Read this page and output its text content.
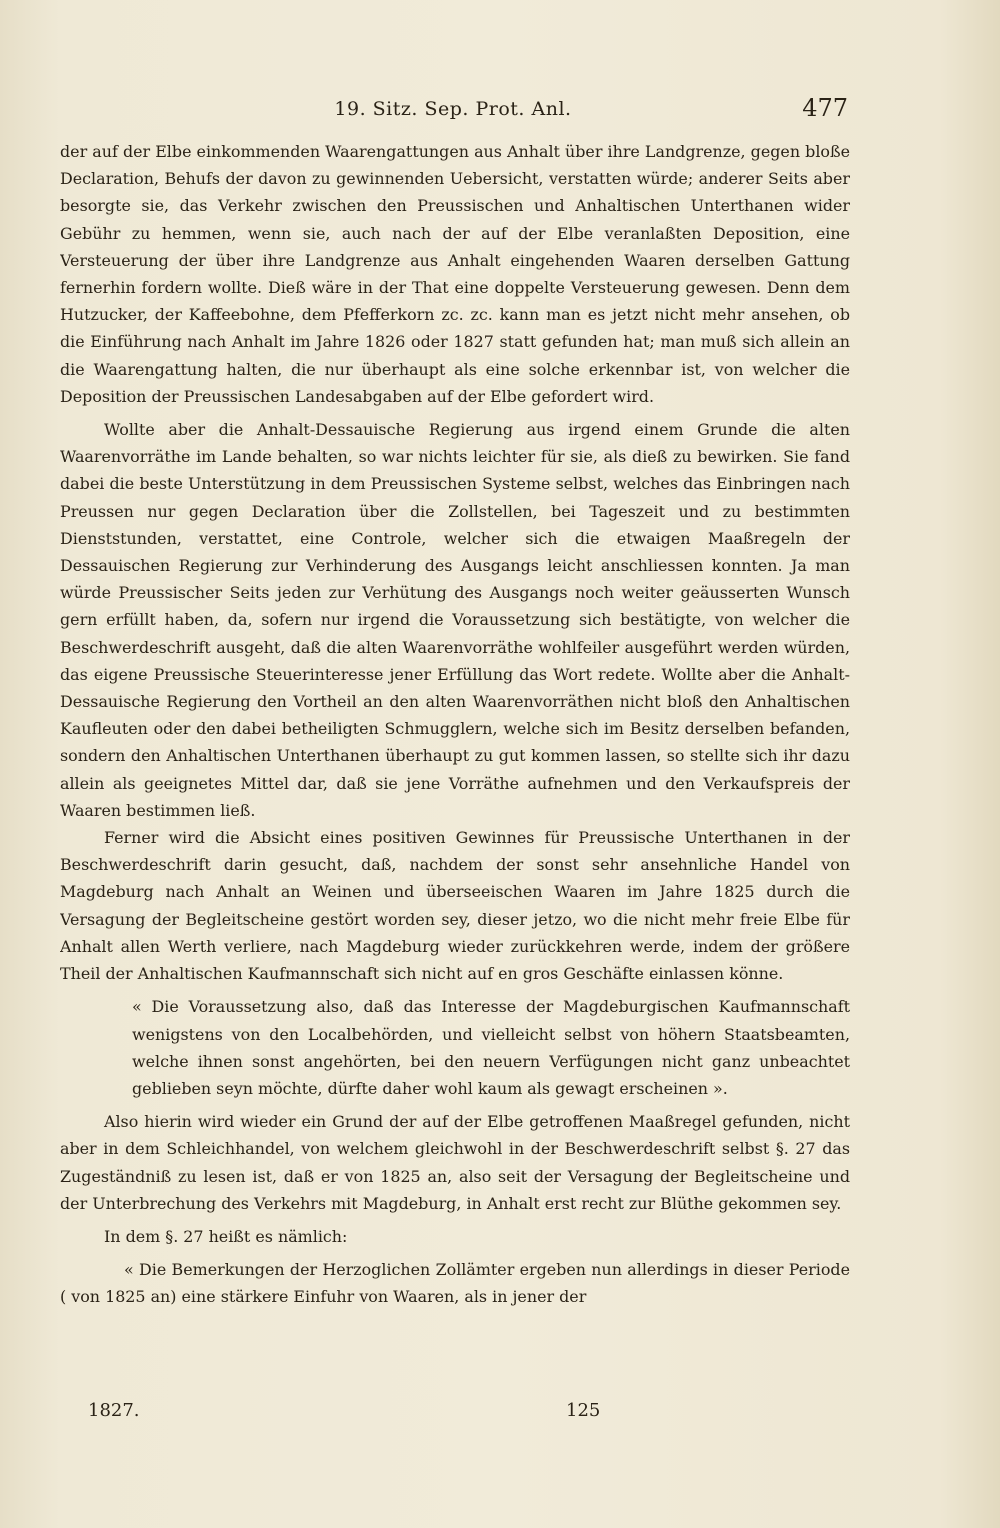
19. Sitz. Sep. Prot. Anl.	477

der auf der Elbe einkommenden Waarengattungen aus Anhalt über ihre Landgrenze, gegen bloße Declaration, Behufs der davon zu gewinnenden Uebersicht, verstatten würde; anderer Seits aber besorgte sie, das Verkehr zwischen den Preussischen und Anhaltischen Unterthanen wider Gebühr zu hemmen, wenn sie, auch nach der auf der Elbe veranlaßten Deposition, eine Versteuerung der über ihre Landgrenze aus Anhalt eingehenden Waaren derselben Gattung fernerhin fordern wollte. Dieß wäre in der That eine doppelte Versteuerung gewesen. Denn dem Hutzucker, der Kaffeebohne, dem Pfefferkorn zc. zc. kann man es jetzt nicht mehr ansehen, ob die Einführung nach Anhalt im Jahre 1826 oder 1827 statt gefunden hat; man muß sich allein an die Waarengattung halten, die nur überhaupt als eine solche erkennbar ist, von welcher die Deposition der Preussischen Landesabgaben auf der Elbe gefordert wird.

Wollte aber die Anhalt-Dessauische Regierung aus irgend einem Grunde die alten Waarenvorräthe im Lande behalten, so war nichts leichter für sie, als dieß zu bewirken. Sie fand dabei die beste Unterstützung in dem Preussischen Systeme selbst, welches das Einbringen nach Preussen nur gegen Declaration über die Zollstellen, bei Tageszeit und zu bestimmten Dienststunden, verstattet, eine Controle, welcher sich die etwaigen Maaßregeln der Dessauischen Regierung zur Verhinderung des Ausgangs leicht anschliessen konnten. Ja man würde Preussischer Seits jeden zur Verhütung des Ausgangs noch weiter geäusserten Wunsch gern erfüllt haben, da, sofern nur irgend die Voraussetzung sich bestätigte, von welcher die Beschwerdeschrift ausgeht, daß die alten Waarenvorräthe wohlfeiler ausgeführt werden würden, das eigene Preussische Steuerinteresse jener Erfüllung das Wort redete. Wollte aber die Anhalt-Dessauische Regierung den Vortheil an den alten Waarenvorräthen nicht bloß den Anhaltischen Kaufleuten oder den dabei betheiligten Schmugglern, welche sich im Besitz derselben befanden, sondern den Anhaltischen Unterthanen überhaupt zu gut kommen lassen, so stellte sich ihr dazu allein als geeignetes Mittel dar, daß sie jene Vorräthe aufnehmen und den Verkaufspreis der Waaren bestimmen ließ.

Ferner wird die Absicht eines positiven Gewinnes für Preussische Unterthanen in der Beschwerdeschrift darin gesucht, daß, nachdem der sonst sehr ansehnliche Handel von Magdeburg nach Anhalt an Weinen und überseeischen Waaren im Jahre 1825 durch die Versagung der Begleitscheine gestört worden sey, dieser jetzo, wo die nicht mehr freie Elbe für Anhalt allen Werth verliere, nach Magdeburg wieder zurückkehren werde, indem der größere Theil der Anhaltischen Kaufmannschaft sich nicht auf en gros Geschäfte einlassen könne.

« Die Voraussetzung also, daß das Interesse der Magdeburgischen Kaufmannschaft wenigstens von den Localbehörden, und vielleicht selbst von höhern Staatsbeamten, welche ihnen sonst angehörten, bei den neuern Verfügungen nicht ganz unbeachtet geblieben seyn möchte, dürfte daher wohl kaum als gewagt erscheinen ».

Also hierin wird wieder ein Grund der auf der Elbe getroffenen Maaßregel gefunden, nicht aber in dem Schleichhandel, von welchem gleichwohl in der Beschwerdeschrift selbst §. 27 das Zugeständniß zu lesen ist, daß er von 1825 an, also seit der Versagung der Begleitscheine und der Unterbrechung des Verkehrs mit Magdeburg, in Anhalt erst recht zur Blüthe gekommen sey.

In dem §. 27 heißt es nämlich:

« Die Bemerkungen der Herzoglichen Zollämter ergeben nun allerdings in dieser Periode ( von 1825 an) eine stärkere Einfuhr von Waaren, als in jener der

1827.	125
